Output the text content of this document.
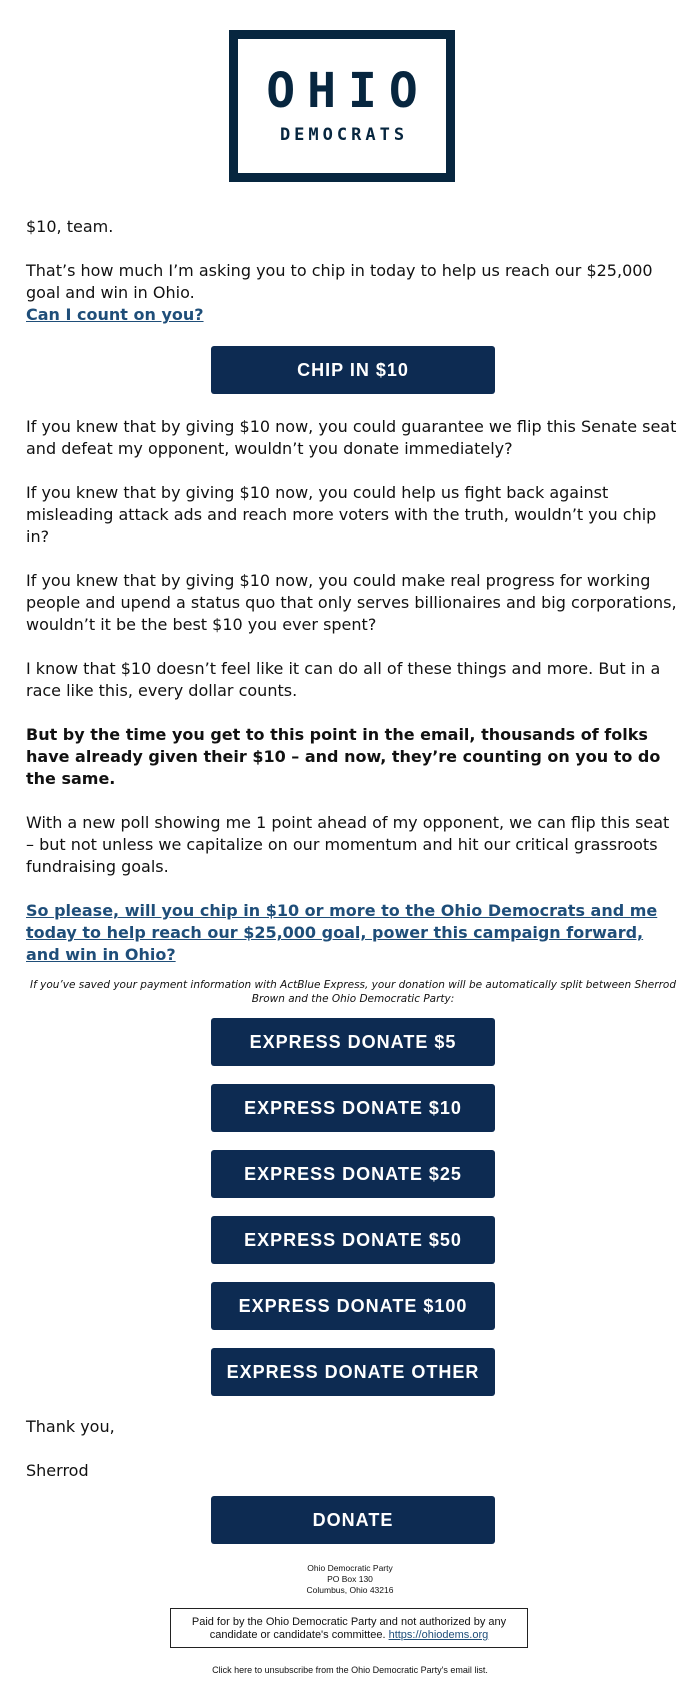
OHIO
DEMOCRATS

$10, team.

That’s how much I’m asking you to chip in today to help us reach our $25,000 goal and win in Ohio.
Can I count on you?

CHIP IN $10

If you knew that by giving $10 now, you could guarantee we flip this Senate seat and defeat my opponent, wouldn’t you donate immediately?

If you knew that by giving $10 now, you could help us fight back against misleading attack ads and reach more voters with the truth, wouldn’t you chip in?

If you knew that by giving $10 now, you could make real progress for working people and upend a status quo that only serves billionaires and big corporations, wouldn’t it be the best $10 you ever spent?

I know that $10 doesn’t feel like it can do all of these things and more. But in a race like this, every dollar counts.

But by the time you get to this point in the email, thousands of folks have already given their $10 – and now, they’re counting on you to do the same.

With a new poll showing me 1 point ahead of my opponent, we can flip this seat – but not unless we capitalize on our momentum and hit our critical grassroots fundraising goals.

So please, will you chip in $10 or more to the Ohio Democrats and me today to help reach our $25,000 goal, power this campaign forward, and win in Ohio?

If you’ve saved your payment information with ActBlue Express, your donation will be automatically split between Sherrod Brown and the Ohio Democratic Party:

EXPRESS DONATE $5
EXPRESS DONATE $10
EXPRESS DONATE $25
EXPRESS DONATE $50
EXPRESS DONATE $100
EXPRESS DONATE OTHER

Thank you,

Sherrod

DONATE
Ohio Democratic Party
PO Box 130
Columbus, Ohio 43216
Paid for by the Ohio Democratic Party and not authorized by any candidate or candidate's committee. https://ohiodems.org
Click here to unsubscribe from the Ohio Democratic Party's email list.
